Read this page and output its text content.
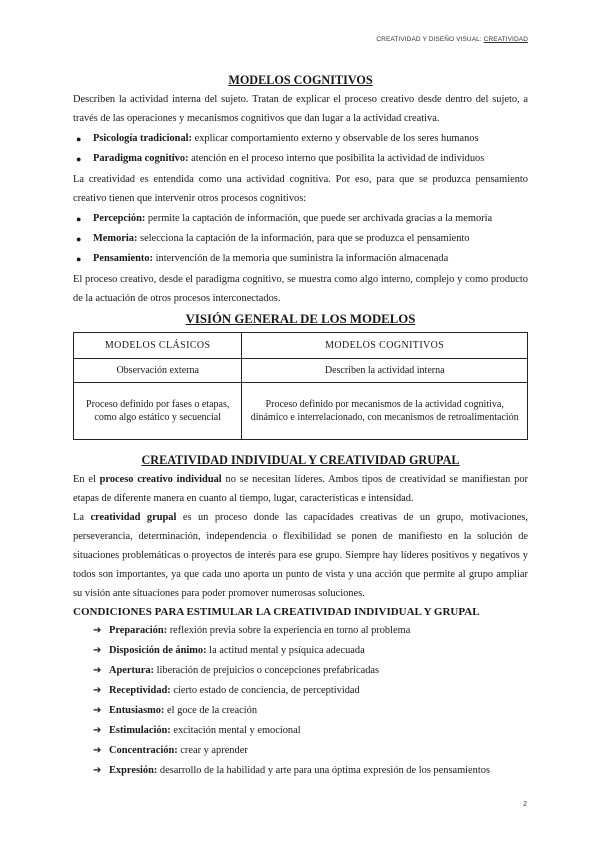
CREATIVIDAD Y DISEÑO VISUAL: CREATIVIDAD
MODELOS COGNITIVOS

Describen la actividad interna del sujeto. Tratan de explicar el proceso creativo desde dentro del sujeto, a través de las operaciones y mecanismos cognitivos que dan lugar a la actividad creativa.

● Psicología tradicional: explicar comportamiento externo y observable de los seres humanos
● Paradigma cognitivo: atención en el proceso interno que posibilita la actividad de individuos

La creatividad es entendida como una actividad cognitiva. Por eso, para que se produzca pensamiento creativo tienen que intervenir otros procesos cognitivos:

● Percepción: permite la captación de información, que puede ser archivada gracias a la memoria
● Memoria: selecciona la captación de la información, para que se produzca el pensamiento
● Pensamiento: intervención de la memoria que suministra la información almacenada

El proceso creativo, desde el paradigma cognitivo, se muestra como algo interno, complejo y como producto de la actuación de otros procesos interconectados.

VISIÓN GENERAL DE LOS MODELOS
MODELOS CLÁSICOS	MODELOS COGNITIVOS
Observación externa	Describen la actividad interna
Proceso definido por fases o etapas, como algo estático y secuencial	Proceso definido por mecanismos de la actividad cognitiva, dinámico e interrelacionado, con mecanismos de retroalimentación
CREATIVIDAD INDIVIDUAL Y CREATIVIDAD GRUPAL

En el proceso creativo individual no se necesitan líderes. Ambos tipos de creatividad se manifiestan por etapas de diferente manera en cuanto al tiempo, lugar, características e intensidad.

La creatividad grupal es un proceso donde las capacidades creativas de un grupo, motivaciones, perseverancia, determinación, independencia o flexibilidad se ponen de manifiesto en la solución de situaciones problemáticas o proyectos de interés para ese grupo. Siempre hay líderes positivos y negativos y todos son importantes, ya que cada uno aporta un punto de vista y una acción que permite al grupo ampliar su visión ante situaciones para poder promover numerosas soluciones.

CONDICIONES PARA ESTIMULAR LA CREATIVIDAD INDIVIDUAL Y GRUPAL
➔ Preparación: reflexión previa sobre la experiencia en torno al problema
➔ Disposición de ánimo: la actitud mental y psíquica adecuada
➔ Apertura: liberación de prejuicios o concepciones prefabricadas
➔ Receptividad: cierto estado de conciencia, de perceptividad
➔ Entusiasmo: el goce de la creación
➔ Estimulación: excitación mental y emocional
➔ Concentración: crear y aprender
➔ Expresión: desarrollo de la habilidad y arte para una óptima expresión de los pensamientos
2
